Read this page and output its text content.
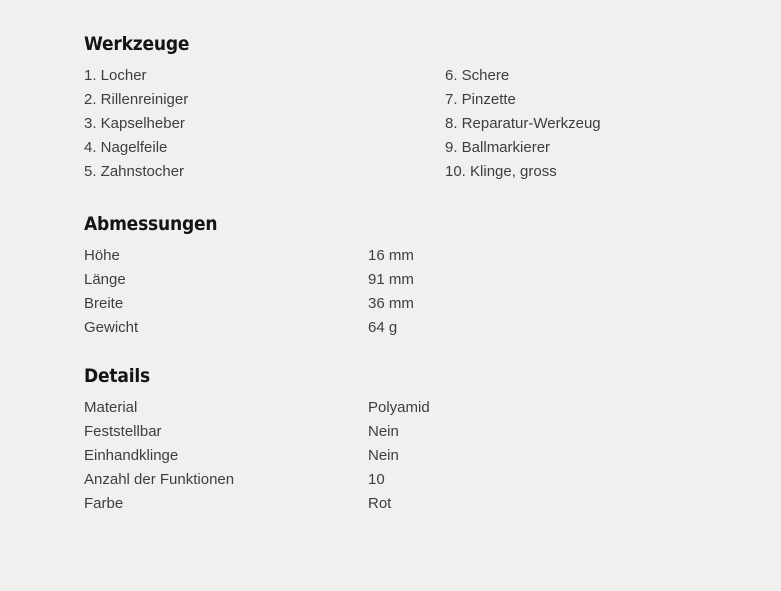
Werkzeuge
1. Locher
2. Rillenreiniger
3. Kapselheber
4. Nagelfeile
5. Zahnstocher
6. Schere
7. Pinzette
8. Reparatur-Werkzeug
9. Ballmarkierer
10. Klinge, gross
Abmessungen
Höhe	16 mm
Länge	91 mm
Breite	36 mm
Gewicht	64 g
Details
Material	Polyamid
Feststellbar	Nein
Einhandklinge	Nein
Anzahl der Funktionen	10
Farbe	Rot
